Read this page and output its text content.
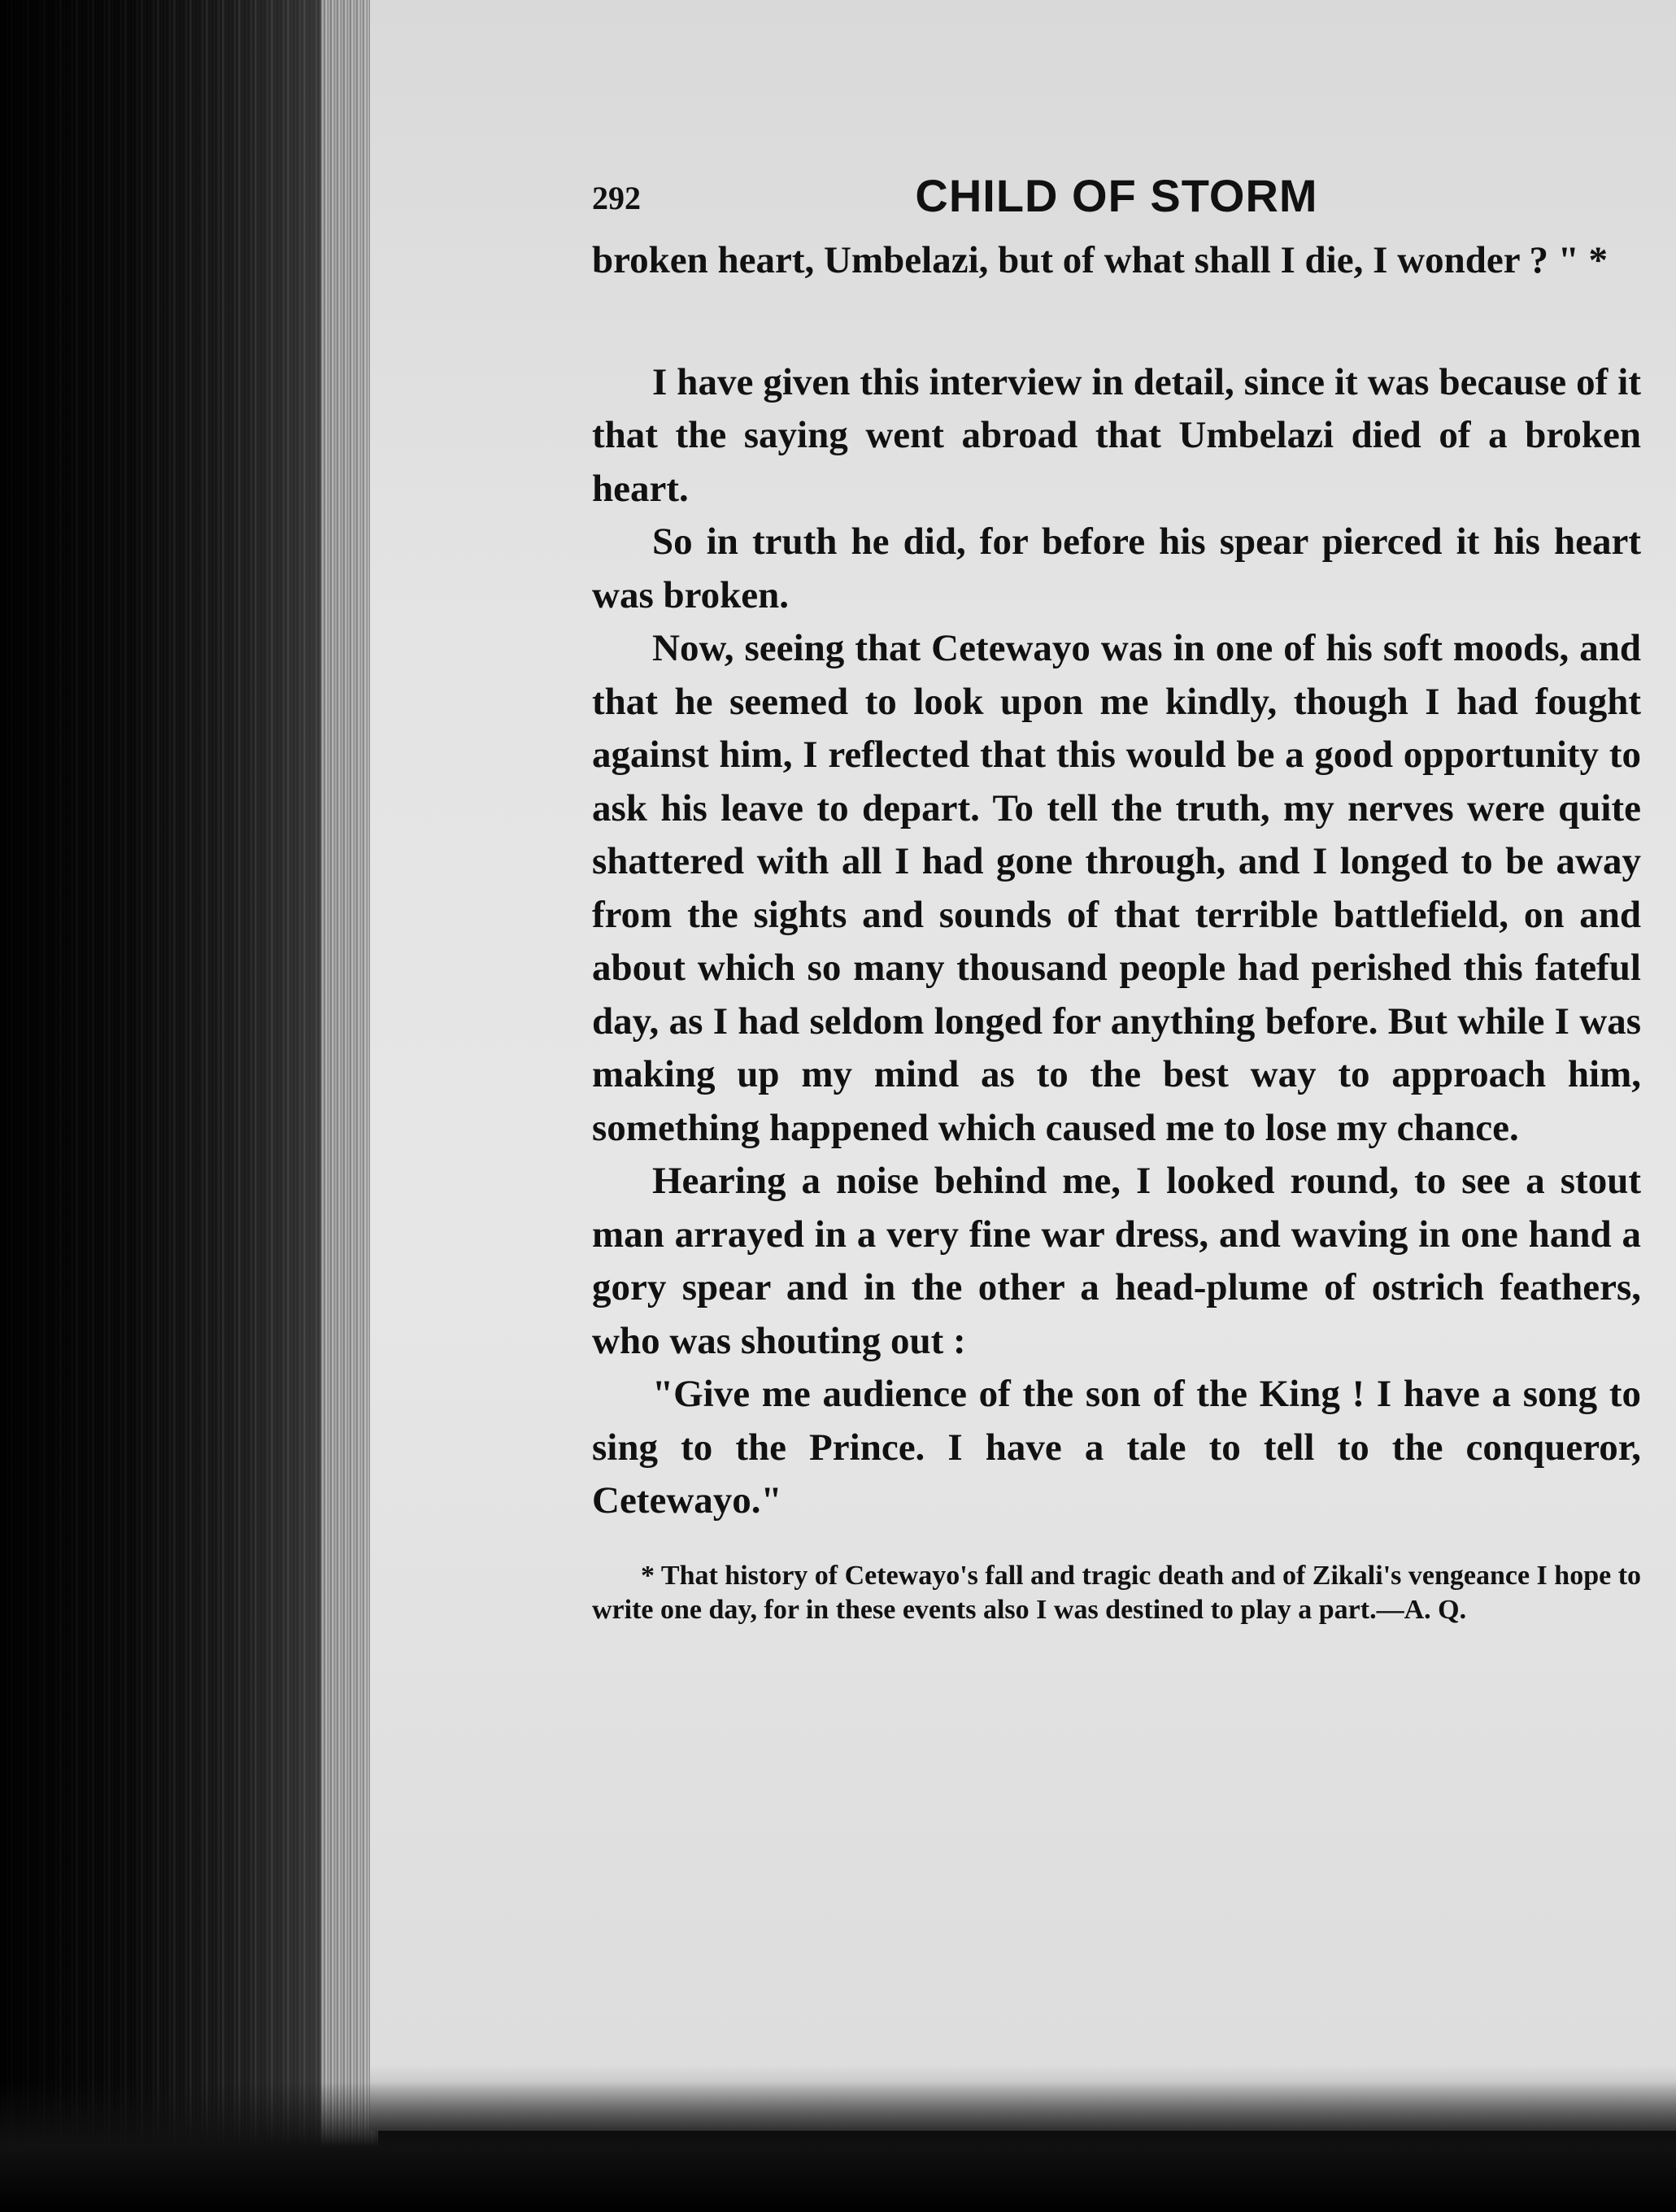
292	CHILD OF STORM

broken heart, Umbelazi, but of what shall I die, I wonder ? " *

I have given this interview in detail, since it was because of it that the saying went abroad that Umbelazi died of a broken heart.

So in truth he did, for before his spear pierced it his heart was broken.

Now, seeing that Cetewayo was in one of his soft moods, and that he seemed to look upon me kindly, though I had fought against him, I reflected that this would be a good opportunity to ask his leave to depart. To tell the truth, my nerves were quite shattered with all I had gone through, and I longed to be away from the sights and sounds of that terrible battlefield, on and about which so many thousand people had perished this fateful day, as I had seldom longed for anything before. But while I was making up my mind as to the best way to approach him, something happened which caused me to lose my chance.

Hearing a noise behind me, I looked round, to see a stout man arrayed in a very fine war dress, and waving in one hand a gory spear and in the other a head-plume of ostrich feathers, who was shouting out :

"Give me audience of the son of the King ! I have a song to sing to the Prince. I have a tale to tell to the conqueror, Cetewayo."

* That history of Cetewayo's fall and tragic death and of Zikali's vengeance I hope to write one day, for in these events also I was destined to play a part.—A. Q.
